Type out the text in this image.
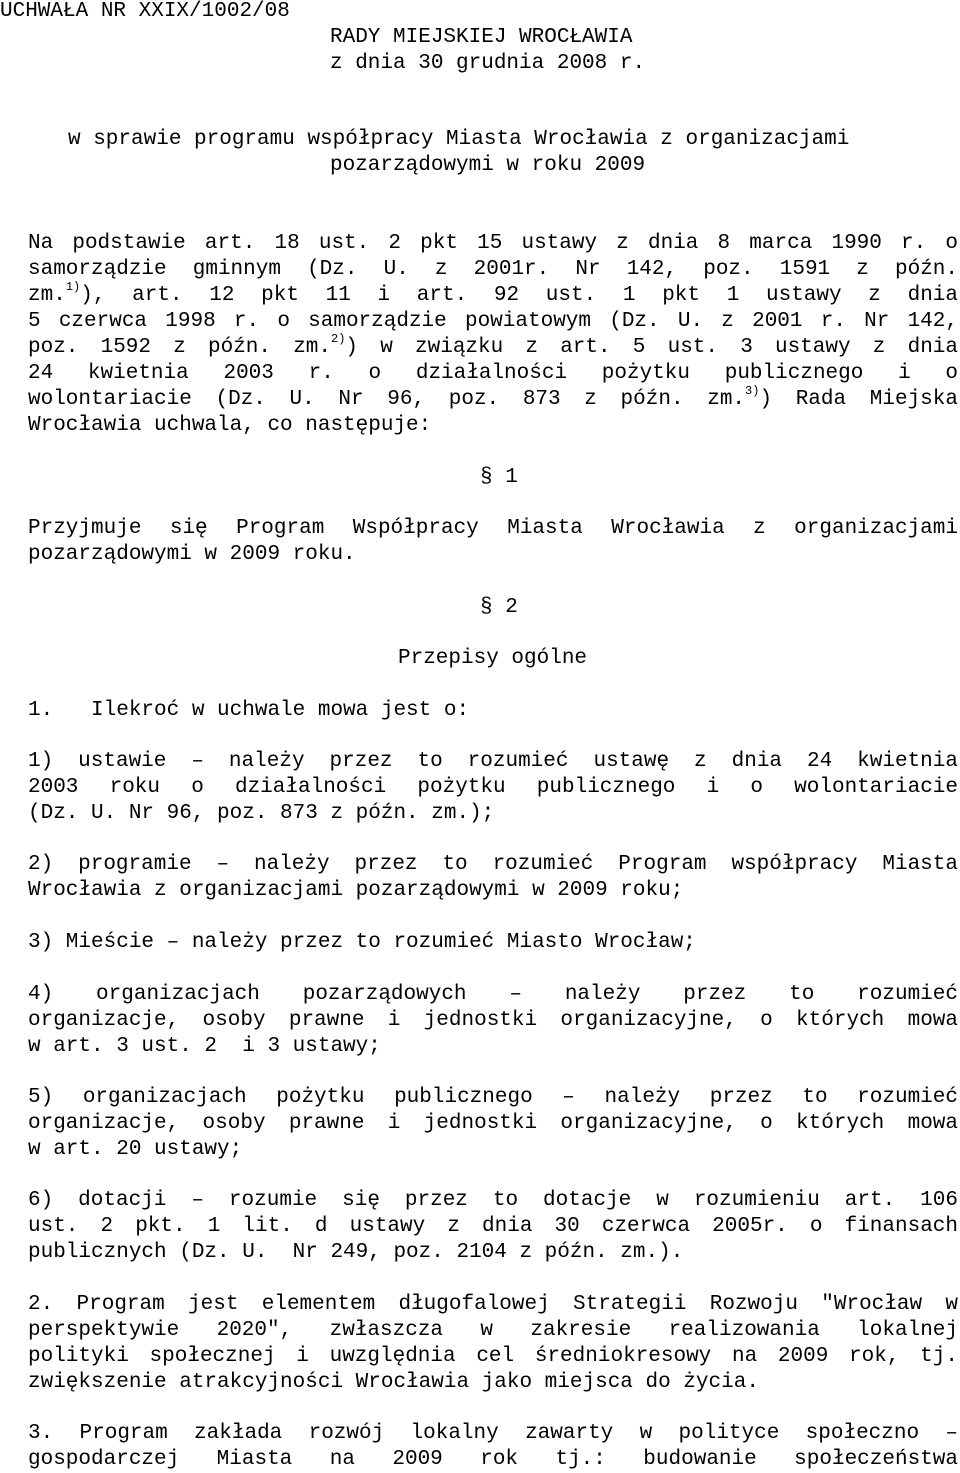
UCHWAŁA NR XXIX/1002/08
RADY MIEJSKIEJ WROCŁAWIA
z dnia 30 grudnia 2008 r.
w sprawie programu współpracy Miasta Wrocławia z organizacjami
pozarządowymi w roku 2009
Na podstawie art. 18 ust. 2 pkt 15 ustawy z dnia 8 marca 1990 r. o
samorządzie gminnym (Dz. U. z 2001r. Nr 142, poz. 1591 z późn.
zm.$^{1)}$), art. 12 pkt 11 i art. 92 ust. 1 pkt 1 ustawy z dnia
5 czerwca 1998 r. o samorządzie powiatowym (Dz. U. z 2001 r. Nr 142,
poz. 1592 z późn. zm.$^{2)}$) w związku z art. 5 ust. 3 ustawy z dnia
24 kwietnia 2003 r. o działalności pożytku publicznego i o
wolontariacie (Dz. U. Nr 96, poz. 873 z późn. zm.$^{3)}$) Rada Miejska
Wrocławia uchwala, co następuje:
§ 1
Przyjmuje się Program Współpracy Miasta Wrocławia z organizacjami
pozarządowymi w 2009 roku.
§ 2
Przepisy ogólne
1.   Ilekroć w uchwale mowa jest o:
1) ustawie – należy przez to rozumieć ustawę z dnia 24 kwietnia
2003 roku o działalności pożytku publicznego i o wolontariacie
(Dz. U. Nr 96, poz. 873 z późn. zm.);
2) programie – należy przez to rozumieć Program współpracy Miasta
Wrocławia z organizacjami pozarządowymi w 2009 roku;
3) Mieście – należy przez to rozumieć Miasto Wrocław;
4) organizacjach pozarządowych – należy przez to rozumieć
organizacje, osoby prawne i jednostki organizacyjne, o których mowa
w art. 3 ust. 2  i 3 ustawy;
5) organizacjach pożytku publicznego – należy przez to rozumieć
organizacje, osoby prawne i jednostki organizacyjne, o których mowa
w art. 20 ustawy;
6) dotacji – rozumie się przez to dotacje w rozumieniu art. 106
ust. 2 pkt. 1 lit. d ustawy z dnia 30 czerwca 2005r. o finansach
publicznych (Dz. U.  Nr 249, poz. 2104 z późn. zm.).
2. Program jest elementem długofalowej Strategii Rozwoju "Wrocław w
perspektywie 2020", zwłaszcza w zakresie realizowania lokalnej
polityki społecznej i uwzględnia cel średniokresowy na 2009 rok, tj.
zwiększenie atrakcyjności Wrocławia jako miejsca do życia.
3. Program zakłada rozwój lokalny zawarty w polityce społeczno –
gospodarczej Miasta na 2009 rok tj.: budowanie społeczeństwa
